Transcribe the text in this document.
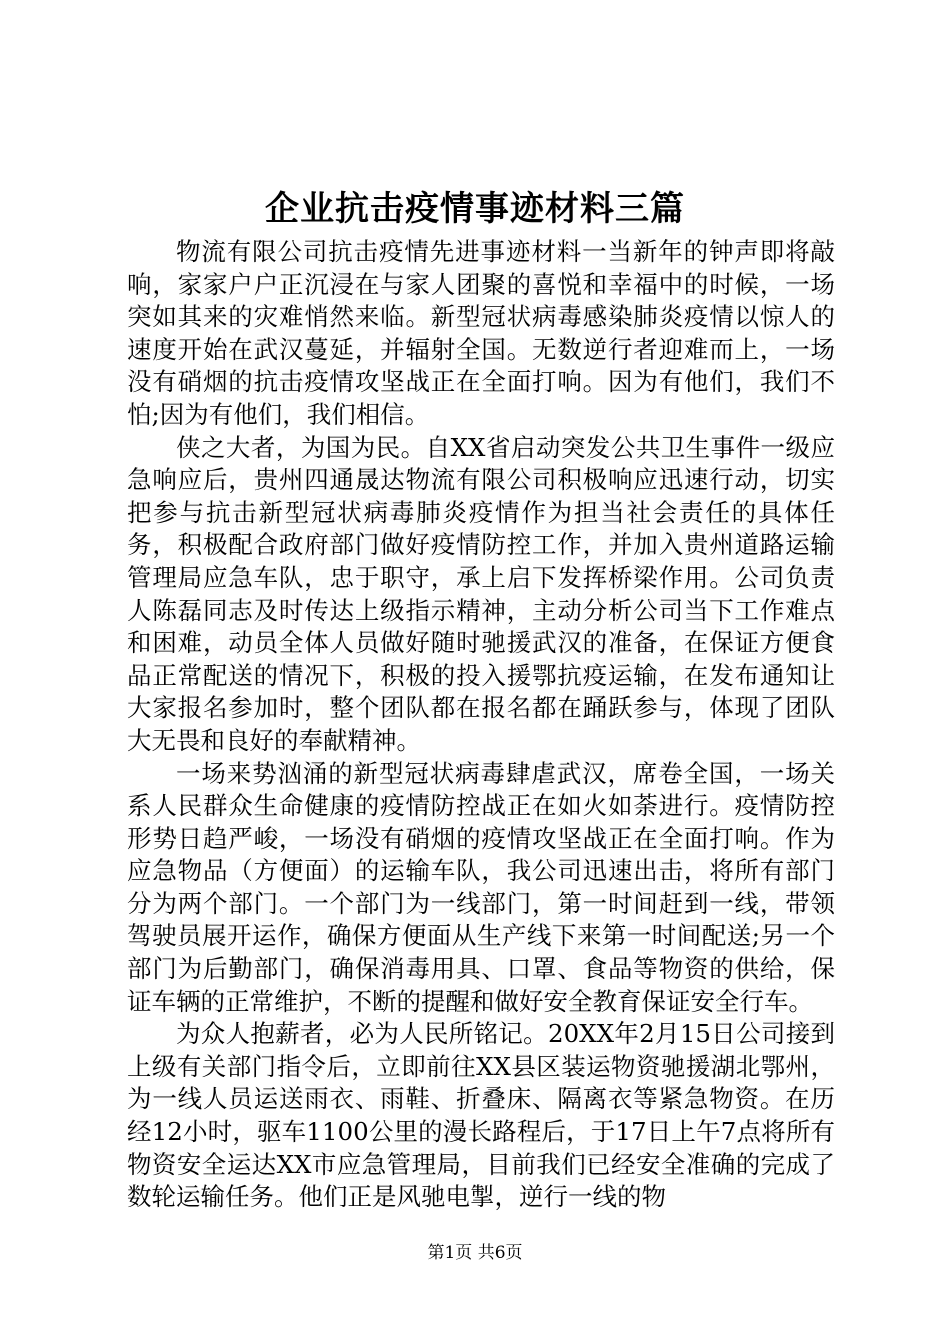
企业抗击疫情事迹材料三篇

物流有限公司抗击疫情先进事迹材料一当新年的钟声即将敲响，家家户户正沉浸在与家人团聚的喜悦和幸福中的时候，一场突如其来的灾难悄然来临。新型冠状病毒感染肺炎疫情以惊人的速度开始在武汉蔓延，并辐射全国。无数逆行者迎难而上，一场没有硝烟的抗击疫情攻坚战正在全面打响。因为有他们，我们不怕;因为有他们，我们相信。

侠之大者，为国为民。自XX省启动突发公共卫生事件一级应急响应后，贵州四通晟达物流有限公司积极响应迅速行动，切实把参与抗击新型冠状病毒肺炎疫情作为担当社会责任的具体任务，积极配合政府部门做好疫情防控工作，并加入贵州道路运输管理局应急车队，忠于职守，承上启下发挥桥梁作用。公司负责人陈磊同志及时传达上级指示精神，主动分析公司当下工作难点和困难，动员全体人员做好随时驰援武汉的准备，在保证方便食品正常配送的情况下，积极的投入援鄂抗疫运输，在发布通知让大家报名参加时，整个团队都在报名都在踊跃参与，体现了团队大无畏和良好的奉献精神。

一场来势汹涌的新型冠状病毒肆虐武汉，席卷全国，一场关系人民群众生命健康的疫情防控战正在如火如荼进行。疫情防控形势日趋严峻，一场没有硝烟的疫情攻坚战正在全面打响。作为应急物品（方便面）的运输车队，我公司迅速出击，将所有部门分为两个部门。一个部门为一线部门，第一时间赶到一线，带领驾驶员展开运作，确保方便面从生产线下来第一时间配送;另一个部门为后勤部门，确保消毒用具、口罩、食品等物资的供给，保证车辆的正常维护，不断的提醒和做好安全教育保证安全行车。

为众人抱薪者，必为人民所铭记。20XX年2月15日公司接到上级有关部门指令后，立即前往XX县区装运物资驰援湖北鄂州，为一线人员运送雨衣、雨鞋、折叠床、隔离衣等紧急物资。在历经12小时，驱车1100公里的漫长路程后，于17日上午7点将所有物资安全运达XX市应急管理局，目前我们已经安全准确的完成了数轮运输任务。他们正是风驰电掣，逆行一线的物

第1页 共6页
